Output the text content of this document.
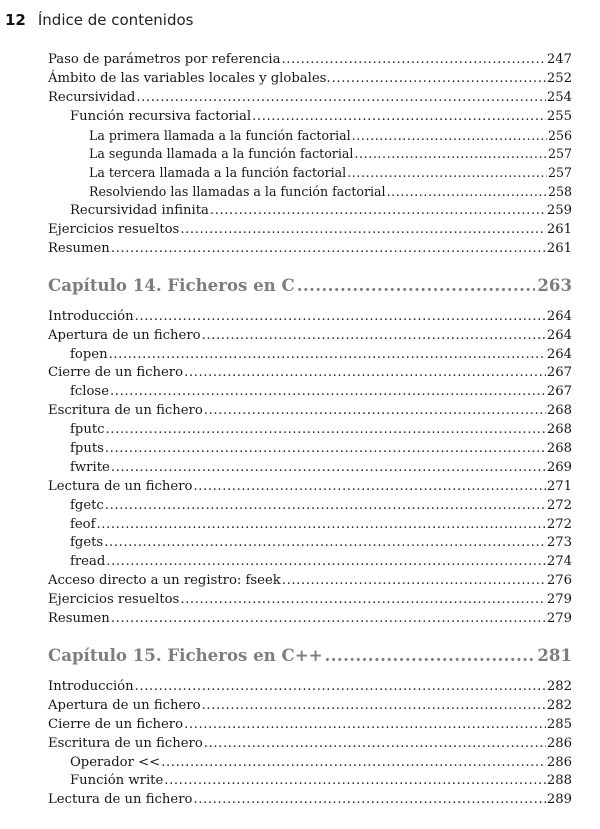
12 Índice de contenidos
Paso de parámetros por referencia .....	247
Ámbito de las variables locales y globales. .....	252
Recursividad .....	254
Función recursiva factorial .....	255
La primera llamada a la función factorial .....	256
La segunda llamada a la función factorial .....	257
La tercera llamada a la función factorial .....	257
Resolviendo las llamadas a la función factorial .....	258
Recursividad infinita .....	259
Ejercicios resueltos .....	261
Resumen .....	261
Capítulo 14. Ficheros en C .....	263
Introducción .....	264
Apertura de un fichero .....	264
fopen .....	264
Cierre de un fichero .....	267
fclose .....	267
Escritura de un fichero .....	268
fputc .....	268
fputs .....	268
fwrite .....	269
Lectura de un fichero .....	271
fgetc .....	272
feof .....	272
fgets .....	273
fread .....	274
Acceso directo a un registro: fseek .....	276
Ejercicios resueltos .....	279
Resumen .....	279
Capítulo 15. Ficheros en C++ .....	281
Introducción .....	282
Apertura de un fichero .....	282
Cierre de un fichero .....	285
Escritura de un fichero .....	286
Operador << .....	286
Función write .....	288
Lectura de un fichero .....	289
